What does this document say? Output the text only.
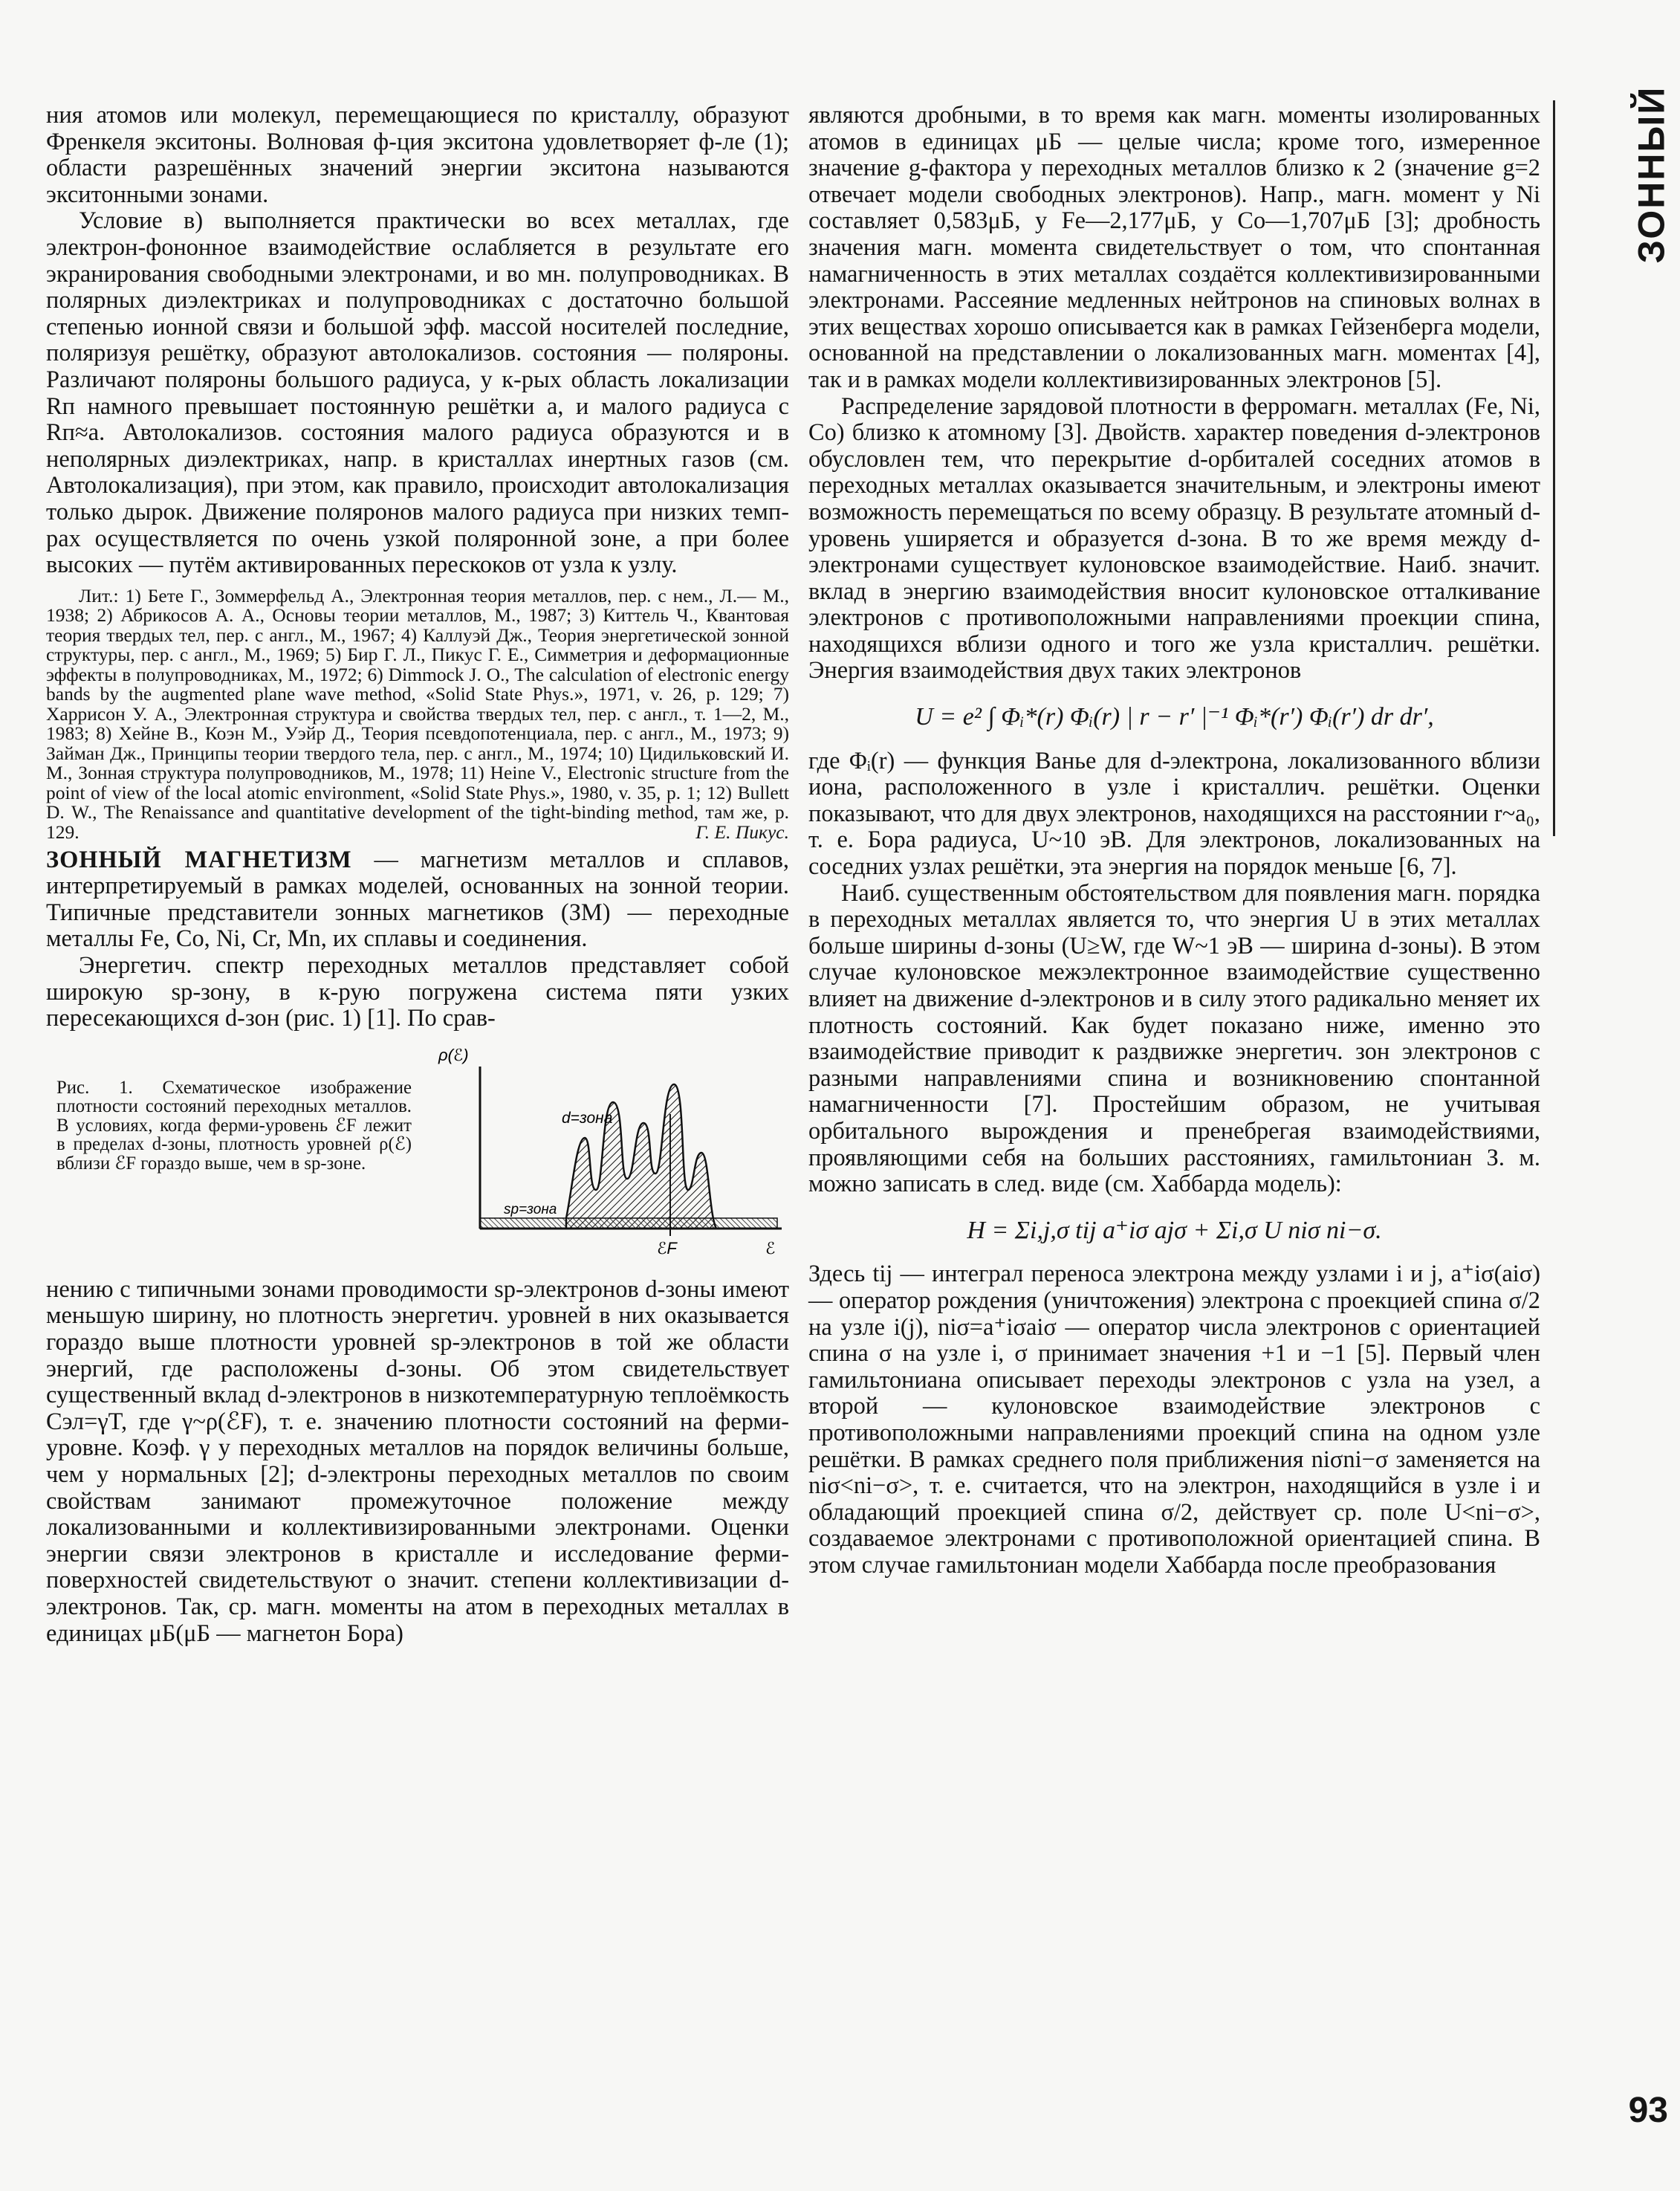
ЗОННЫЙ

ния атомов или молекул, перемещающиеся по кристаллу, образуют Френкеля экситоны. Волновая ф-ция экситона удовлетворяет ф-ле (1); области разрешённых значений энергии экситона называются экситонными зонами.

Условие в) выполняется практически во всех металлах, где электрон-фононное взаимодействие ослабляется в результате его экранирования свободными электронами, и во мн. полупроводниках. В полярных диэлектриках и полупроводниках с достаточно большой степенью ионной связи и большой эфф. массой носителей последние, поляризуя решётку, образуют автолокализов. состояния — поляроны. Различают поляроны большого радиуса, у к-рых область локализации Rп намного превышает постоянную решётки a, и малого радиуса с Rп≈a. Автолокализов. состояния малого радиуса образуются и в неполярных диэлектриках, напр. в кристаллах инертных газов (см. Автолокализация), при этом, как правило, происходит автолокализация только дырок. Движение поляронов малого радиуса при низких темп-рах осуществляется по очень узкой поляронной зоне, а при более высоких — путём активированных перескоков от узла к узлу.

Лит.: 1) Бете Г., Зоммерфельд А., Электронная теория металлов, пер. с нем., Л.— М., 1938; 2) Абрикосов А. А., Основы теории металлов, М., 1987; 3) Киттель Ч., Квантовая теория твердых тел, пер. с англ., М., 1967; 4) Каллуэй Дж., Теория энергетической зонной структуры, пер. с англ., М., 1969; 5) Бир Г. Л., Пикус Г. Е., Симметрия и деформационные эффекты в полупроводниках, М., 1972; 6) Dimmock J. O., The calculation of electronic energy bands by the augmented plane wave method, «Solid State Phys.», 1971, v. 26, p. 129; 7) Харрисон У. А., Электронная структура и свойства твердых тел, пер. с англ., т. 1—2, М., 1983; 8) Хейне В., Коэн М., Уэйр Д., Теория псевдопотенциала, пер. с англ., М., 1973; 9) Займан Дж., Принципы теории твердого тела, пер. с англ., М., 1974; 10) Цидильковский И. М., Зонная структура полупроводников, М., 1978; 11) Heine V., Electronic structure from the point of view of the local atomic environment, «Solid State Phys.», 1980, v. 35, p. 1; 12) Bullett D. W., The Renaissance and quantitative development of the tight-binding method, там же, p. 129.	Г. Е. Пикус.

ЗОННЫЙ МАГНЕТИЗМ — магнетизм металлов и сплавов, интерпретируемый в рамках моделей, основанных на зонной теории. Типичные представители зонных магнетиков (ЗМ) — переходные металлы Fe, Co, Ni, Cr, Mn, их сплавы и соединения.

Энергетич. спектр переходных металлов представляет собой широкую sp-зону, в к-рую погружена система пяти узких пересекающихся d-зон (рис. 1) [1]. По срав-

Рис. 1. Схематическое изображение плотности состояний переходных металлов. В условиях, когда ферми-уровень ℰF лежит в пределах d-зоны, плотность уровней ρ(ℰ) вблизи ℰF гораздо выше, чем в sp-зоне.
ρ(ℰ)
d=зона
sp=зона
ℰF	ℰ

нению с типичными зонами проводимости sp-электронов d-зоны имеют меньшую ширину, но плотность энергетич. уровней в них оказывается гораздо выше плотности уровней sp-электронов в той же области энергий, где расположены d-зоны. Об этом свидетельствует существенный вклад d-электронов в низкотемпературную теплоёмкость Cэл=γT, где γ~ρ(ℰF), т. е. значению плотности состояний на ферми-уровне. Коэф. γ у переходных металлов на порядок величины больше, чем у нормальных [2]; d-электроны переходных металлов по своим свойствам занимают промежуточное положение между локализованными и коллективизированными электронами. Оценки энергии связи электронов в кристалле и исследование ферми-поверхностей свидетельствуют о значит. степени коллективизации d-электронов. Так, ср. магн. моменты на атом в переходных металлах в единицах μБ(μБ — магнетон Бора)

являются дробными, в то время как магн. моменты изолированных атомов в единицах μБ — целые числа; кроме того, измеренное значение g-фактора у переходных металлов близко к 2 (значение g=2 отвечает модели свободных электронов). Напр., магн. момент у Ni составляет 0,583μБ, у Fe—2,177μБ, у Co—1,707μБ [3]; дробность значения магн. момента свидетельствует о том, что спонтанная намагниченность в этих металлах создаётся коллективизированными электронами. Рассеяние медленных нейтронов на спиновых волнах в этих веществах хорошо описывается как в рамках Гейзенберга модели, основанной на представлении о локализованных магн. моментах [4], так и в рамках модели коллективизированных электронов [5].

Распределение зарядовой плотности в ферромагн. металлах (Fe, Ni, Co) близко к атомному [3]. Двойств. характер поведения d-электронов обусловлен тем, что перекрытие d-орбиталей соседних атомов в переходных металлах оказывается значительным, и электроны имеют возможность перемещаться по всему образцу. В результате атомный d-уровень уширяется и образуется d-зона. В то же время между d-электронами существует кулоновское взаимодействие. Наиб. значит. вклад в энергию взаимодействия вносит кулоновское отталкивание электронов с противоположными направлениями проекции спина, находящихся вблизи одного и того же узла кристаллич. решётки. Энергия взаимодействия двух таких электронов

U = e² ∫ Φᵢ*(r) Φᵢ(r) | r − r′ |⁻¹ Φᵢ*(r′) Φᵢ(r′) dr dr′,

где Φᵢ(r) — функция Ванье для d-электрона, локализованного вблизи иона, расположенного в узле i кристаллич. решётки. Оценки показывают, что для двух электронов, находящихся на расстоянии r~a₀, т. е. Бора радиуса, U~10 эВ. Для электронов, локализованных на соседних узлах решётки, эта энергия на порядок меньше [6, 7].

Наиб. существенным обстоятельством для появления магн. порядка в переходных металлах является то, что энергия U в этих металлах больше ширины d-зоны (U≥W, где W~1 эВ — ширина d-зоны). В этом случае кулоновское межэлектронное взаимодействие существенно влияет на движение d-электронов и в силу этого радикально меняет их плотность состояний. Как будет показано ниже, именно это взаимодействие приводит к раздвижке энергетич. зон электронов с разными направлениями спина и возникновению спонтанной намагниченности [7]. Простейшим образом, не учитывая орбитального вырождения и пренебрегая взаимодействиями, проявляющими себя на больших расстояниях, гамильтониан З. м. можно записать в след. виде (см. Хаббарда модель):

H = Σi,j,σ tij a⁺iσ ajσ + Σi,σ U niσ ni−σ.

Здесь tij — интеграл переноса электрона между узлами i и j, a⁺iσ(aiσ) — оператор рождения (уничтожения) электрона с проекцией спина σ/2 на узле i(j), niσ=a⁺iσaiσ — оператор числа электронов с ориентацией спина σ на узле i, σ принимает значения +1 и −1 [5]. Первый член гамильтониана описывает переходы электронов с узла на узел, а второй — кулоновское взаимодействие электронов с противоположными направлениями проекций спина на одном узле решётки. В рамках среднего поля приближения niσni−σ заменяется на niσ<ni−σ>, т. е. считается, что на электрон, находящийся в узле i и обладающий проекцией спина σ/2, действует ср. поле U<ni−σ>, создаваемое электронами с противоположной ориентацией спина. В этом случае гамильтониан модели Хаббарда после преобразования

93
